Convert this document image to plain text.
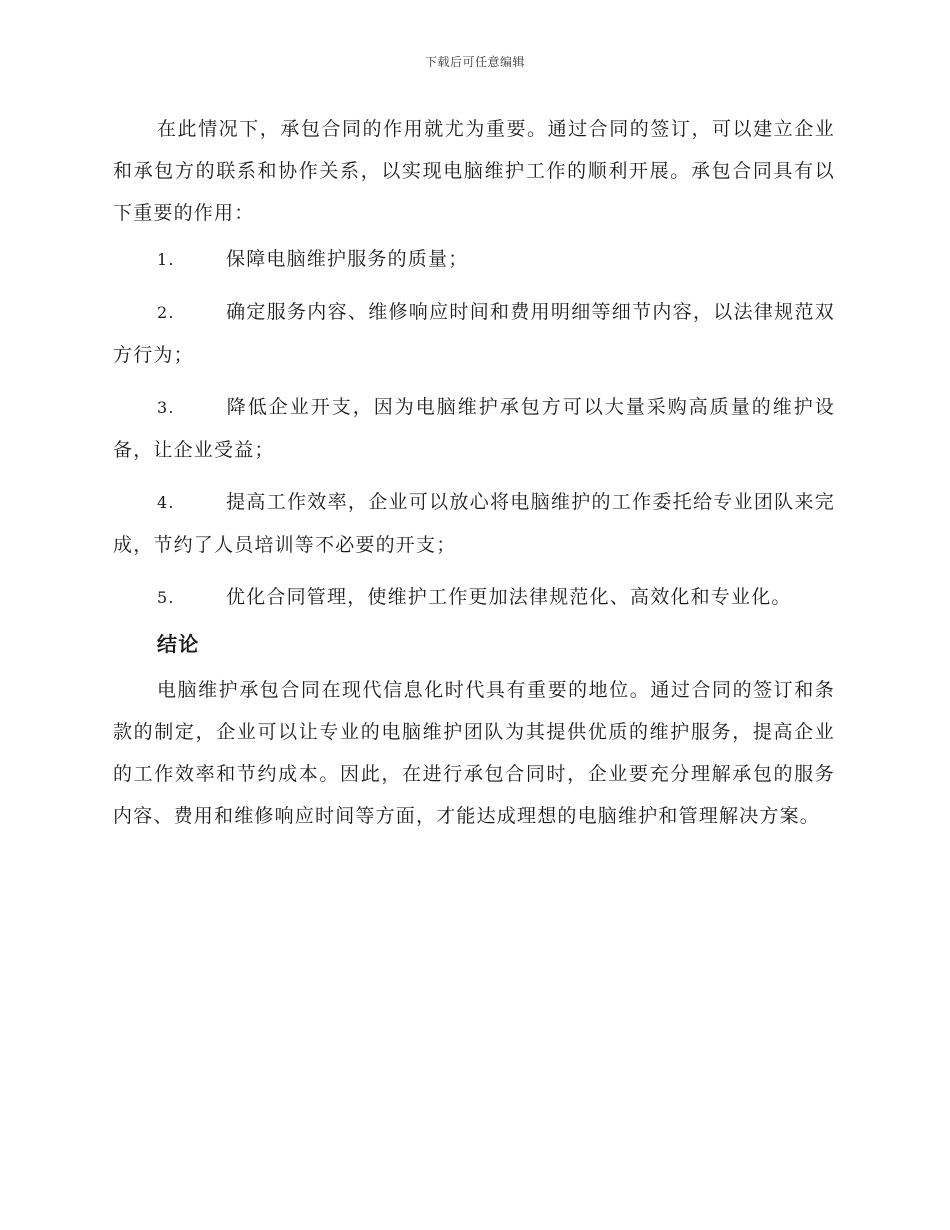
下载后可任意编辑

在此情况下，承包合同的作用就尤为重要。通过合同的签订，可以建立企业和承包方的联系和协作关系，以实现电脑维护工作的顺利开展。承包合同具有以下重要的作用：

1.	保障电脑维护服务的质量；

2.	确定服务内容、维修响应时间和费用明细等细节内容，以法律规范双方行为；

3.	降低企业开支，因为电脑维护承包方可以大量采购高质量的维护设备，让企业受益；

4.	提高工作效率，企业可以放心将电脑维护的工作委托给专业团队来完成，节约了人员培训等不必要的开支；

5.	优化合同管理，使维护工作更加法律规范化、高效化和专业化。

结论

电脑维护承包合同在现代信息化时代具有重要的地位。通过合同的签订和条款的制定，企业可以让专业的电脑维护团队为其提供优质的维护服务，提高企业的工作效率和节约成本。因此，在进行承包合同时，企业要充分理解承包的服务内容、费用和维修响应时间等方面，才能达成理想的电脑维护和管理解决方案。
